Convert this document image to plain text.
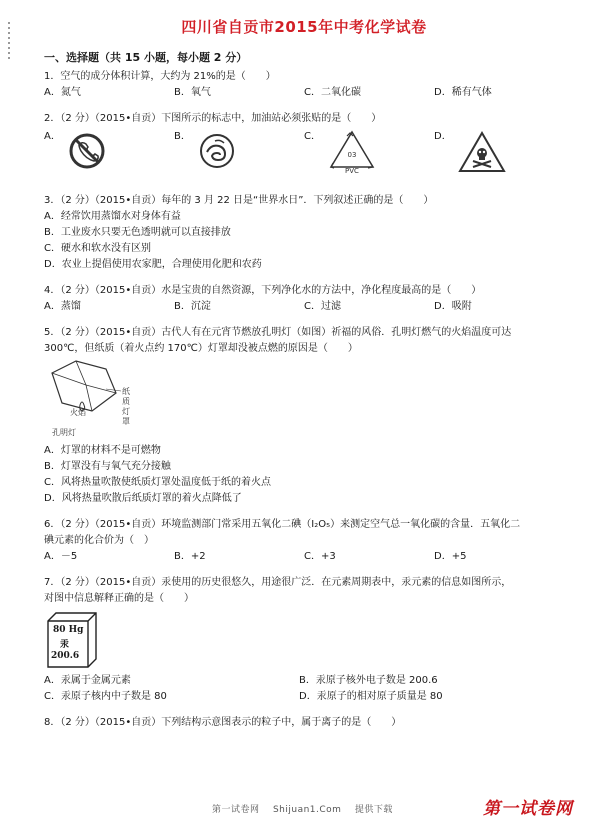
四川省自贡市2015年中考化学试卷
一、选择题（共 15 小题，每小题 2 分）
1．空气的成分体积计算，大约为 21%的是（　　）
A．氮气	B．氧气	C．二氧化碳	D．稀有气体
2．（2 分）（2015•自贡）下图所示的标志中，加油站必须张贴的是（　　）
A．	B．	C．
03
PVC
D．
3．（2 分）（2015•自贡）每年的 3 月 22 日是“世界水日”．下列叙述正确的是（　　）
A．经常饮用蒸馏水对身体有益
B．工业废水只要无色透明就可以直接排放
C．硬水和软水没有区别
D．农业上提倡使用农家肥，合理使用化肥和农药
4．（2 分）（2015•自贡）水是宝贵的自然资源，下列净化水的方法中，净化程度最高的是（　　）
A．蒸馏	B．沉淀	C．过滤	D．吸附
5．（2 分）（2015•自贡）古代人有在元宵节燃放孔明灯（如图）祈福的风俗．孔明灯燃气的火焰温度可达
300℃，但纸质（着火点约 170℃）灯罩却没被点燃的原因是（　　）
纸质灯罩
火焰
孔明灯
A．灯罩的材料不是可燃物
B．灯罩没有与氧气充分接触
C．风将热量吹散使纸质灯罩处温度低于纸的着火点
D．风将热量吹散后纸质灯罩的着火点降低了
6．（2 分）（2015•自贡）环境监测部门常采用五氧化二碘（I₂O₅）来测定空气总一氧化碳的含量．五氧化二
碘元素的化合价为（　）
A．－5	B．+2	C．+3	D．+5
7．（2 分）（2015•自贡）汞使用的历史很悠久，用途很广泛．在元素周期表中，汞元素的信息如图所示，
对图中信息解释正确的是（　　）
80 Hg
汞
200.6
A．汞属于金属元素	B．汞原子核外电子数是 200.6
C．汞原子核内中子数是 80	D．汞原子的相对原子质量是 80
8．（2 分）（2015•自贡）下列结构示意图表示的粒子中，属于离子的是（　　）
第一试卷网    Shijuan1.Com    提供下载	第一试卷网
